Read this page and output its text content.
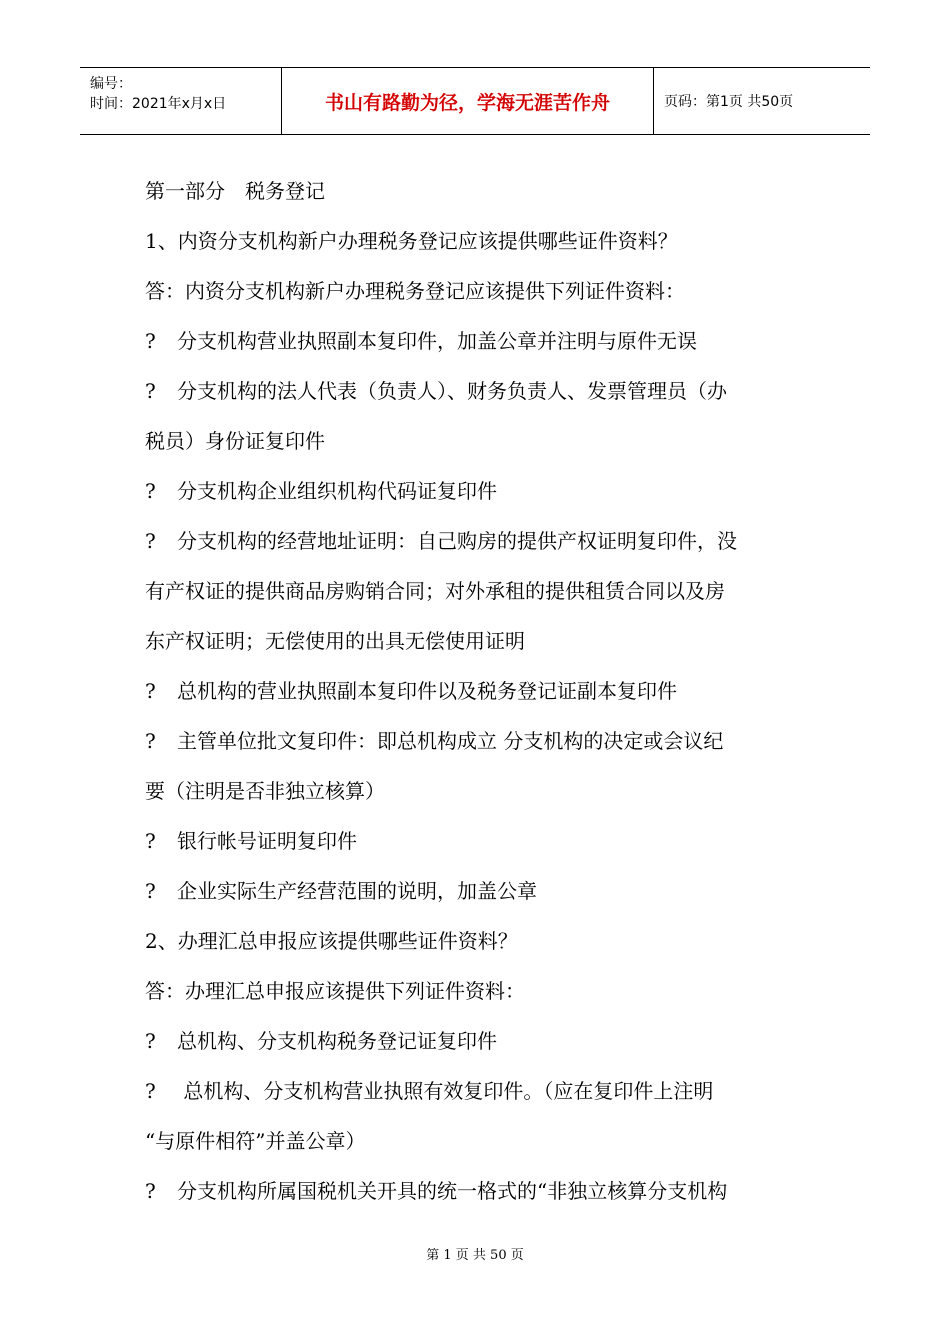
编号：
时间：2021年x月x日	书山有路勤为径，学海无涯苦作舟	页码：第1页 共50页
第一部分　税务登记
1、内资分支机构新户办理税务登记应该提供哪些证件资料？
答：内资分支机构新户办理税务登记应该提供下列证件资料：
? 分支机构营业执照副本复印件，加盖公章并注明与原件无误
? 分支机构的法人代表（负责人）、财务负责人、发票管理员（办
税员）身份证复印件
? 分支机构企业组织机构代码证复印件
? 分支机构的经营地址证明：自己购房的提供产权证明复印件，没
有产权证的提供商品房购销合同；对外承租的提供租赁合同以及房
东产权证明；无偿使用的出具无偿使用证明
? 总机构的营业执照副本复印件以及税务登记证副本复印件
? 主管单位批文复印件：即总机构成立 分支机构的决定或会议纪
要（注明是否非独立核算）
? 银行帐号证明复印件
? 企业实际生产经营范围的说明，加盖公章
2、办理汇总申报应该提供哪些证件资料？
答：办理汇总申报应该提供下列证件资料：
? 总机构、分支机构税务登记证复印件
? 总机构、分支机构营业执照有效复印件。（应在复印件上注明
“与原件相符”并盖公章）
? 分支机构所属国税机关开具的统一格式的“非独立核算分支机构
第 1 页 共 50 页
